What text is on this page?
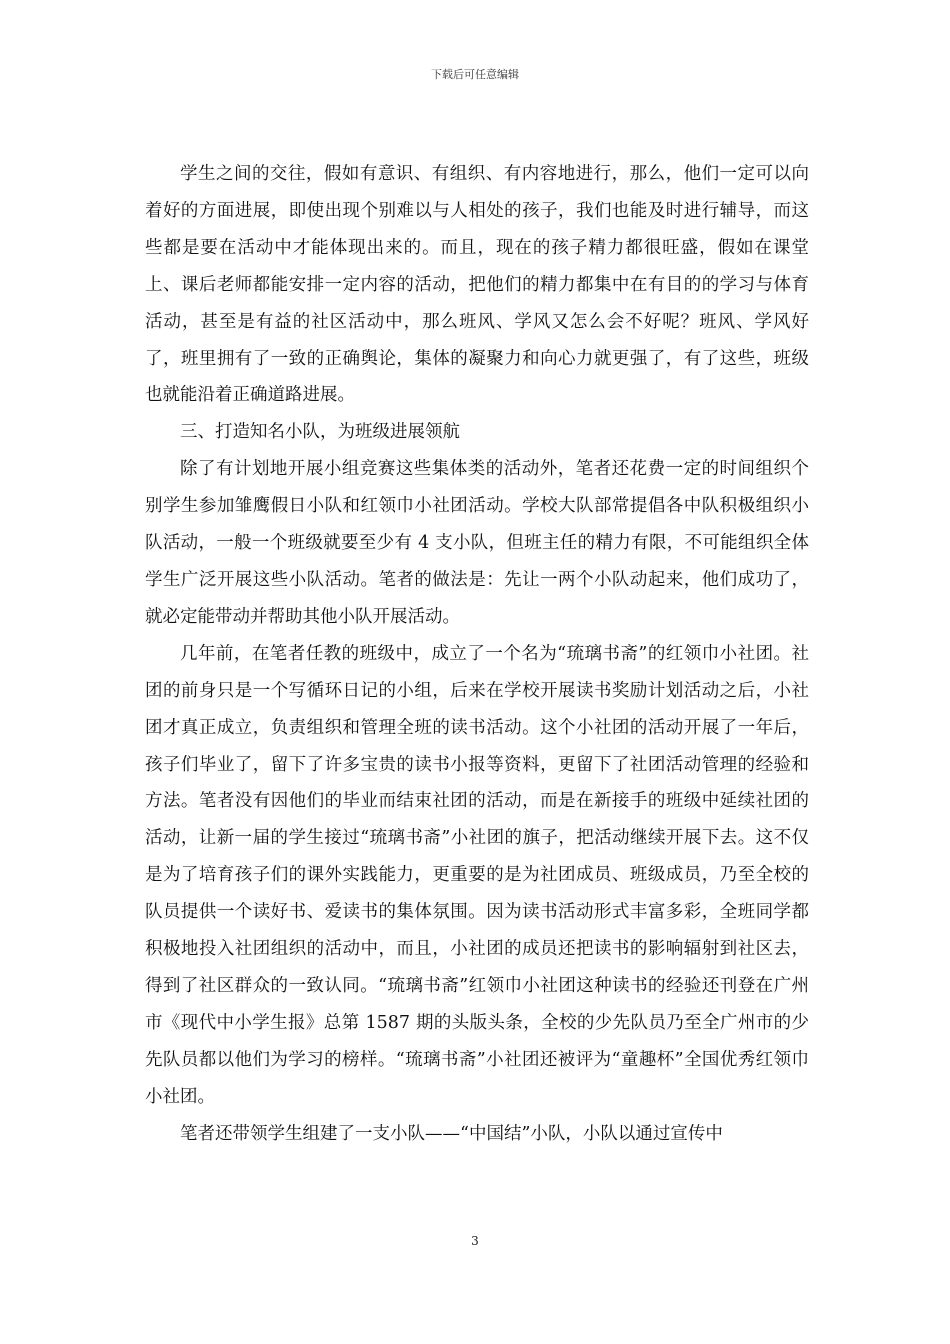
下载后可任意编辑

学生之间的交往，假如有意识、有组织、有内容地进行，那么，他们一定可以向着好的方面进展，即使出现个别难以与人相处的孩子，我们也能及时进行辅导，而这些都是要在活动中才能体现出来的。而且，现在的孩子精力都很旺盛，假如在课堂上、课后老师都能安排一定内容的活动，把他们的精力都集中在有目的的学习与体育活动，甚至是有益的社区活动中，那么班风、学风又怎么会不好呢？班风、学风好了，班里拥有了一致的正确舆论，集体的凝聚力和向心力就更强了，有了这些，班级也就能沿着正确道路进展。

三、打造知名小队，为班级进展领航

除了有计划地开展小组竞赛这些集体类的活动外，笔者还花费一定的时间组织个别学生参加雏鹰假日小队和红领巾小社团活动。学校大队部常提倡各中队积极组织小队活动，一般一个班级就要至少有 4 支小队，但班主任的精力有限，不可能组织全体学生广泛开展这些小队活动。笔者的做法是：先让一两个小队动起来，他们成功了，就必定能带动并帮助其他小队开展活动。

几年前，在笔者任教的班级中，成立了一个名为“琉璃书斋”的红领巾小社团。社团的前身只是一个写循环日记的小组，后来在学校开展读书奖励计划活动之后，小社团才真正成立，负责组织和管理全班的读书活动。这个小社团的活动开展了一年后，孩子们毕业了，留下了许多宝贵的读书小报等资料，更留下了社团活动管理的经验和方法。笔者没有因他们的毕业而结束社团的活动，而是在新接手的班级中延续社团的活动，让新一届的学生接过“琉璃书斋”小社团的旗子，把活动继续开展下去。这不仅是为了培育孩子们的课外实践能力，更重要的是为社团成员、班级成员，乃至全校的队员提供一个读好书、爱读书的集体氛围。因为读书活动形式丰富多彩，全班同学都积极地投入社团组织的活动中，而且，小社团的成员还把读书的影响辐射到社区去，得到了社区群众的一致认同。“琉璃书斋”红领巾小社团这种读书的经验还刊登在广州市《现代中小学生报》总第 1587 期的头版头条，全校的少先队员乃至全广州市的少先队员都以他们为学习的榜样。“琉璃书斋”小社团还被评为“童趣杯”全国优秀红领巾小社团。

笔者还带领学生组建了一支小队——“中国结”小队，小队以通过宣传中

3
